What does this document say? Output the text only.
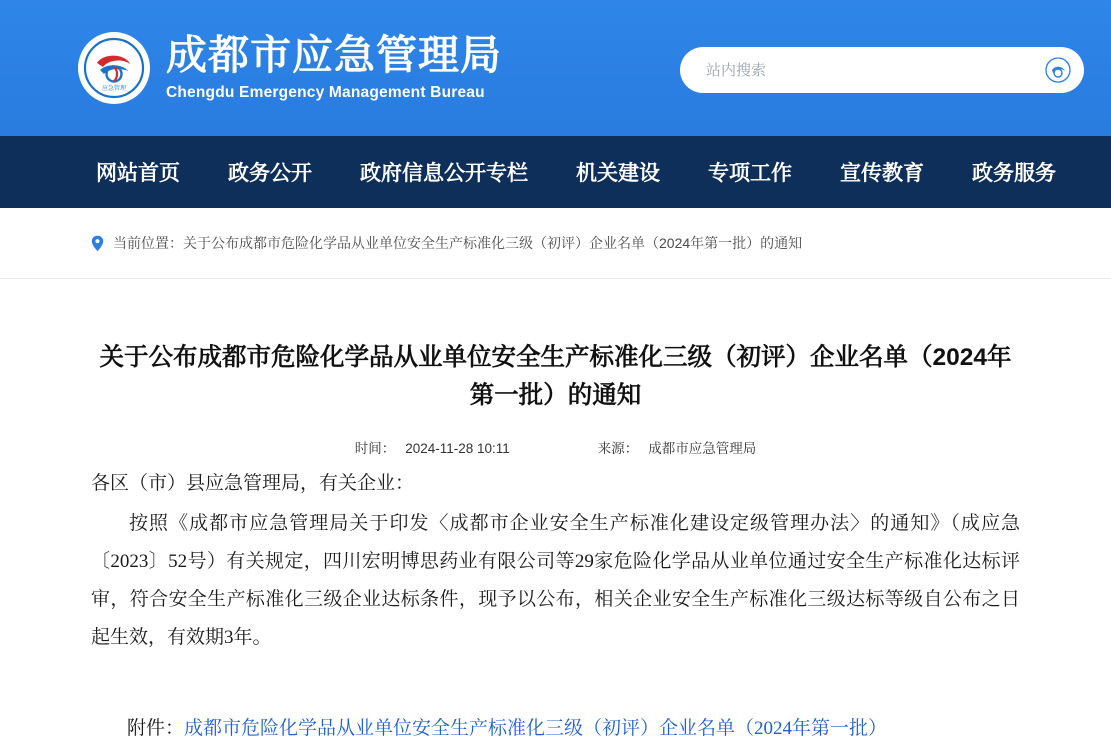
应急管理
成都市应急管理局
Chengdu Emergency Management Bureau
站内搜索
网站首页 政务公开 政府信息公开专栏 机关建设 专项工作 宣传教育 政务服务
当前位置： 关于公布成都市危险化学品从业单位安全生产标准化三级（初评）企业名单（2024年第一批）的通知
关于公布成都市危险化学品从业单位安全生产标准化三级（初评）企业名单（2024年第一批）的通知
时间： 2024-11-28 10:11	来源： 成都市应急管理局

各区（市）县应急管理局，有关企业：

按照《成都市应急管理局关于印发〈成都市企业安全生产标准化建设定级管理办法〉的通知》（成应急〔2023〕52号）有关规定，四川宏明博思药业有限公司等29家危险化学品从业单位通过安全生产标准化达标评审，符合安全生产标准化三级企业达标条件，现予以公布，相关企业安全生产标准化三级达标等级自公布之日起生效，有效期3年。

附件：成都市危险化学品从业单位安全生产标准化三级（初评）企业名单（2024年第一批）
